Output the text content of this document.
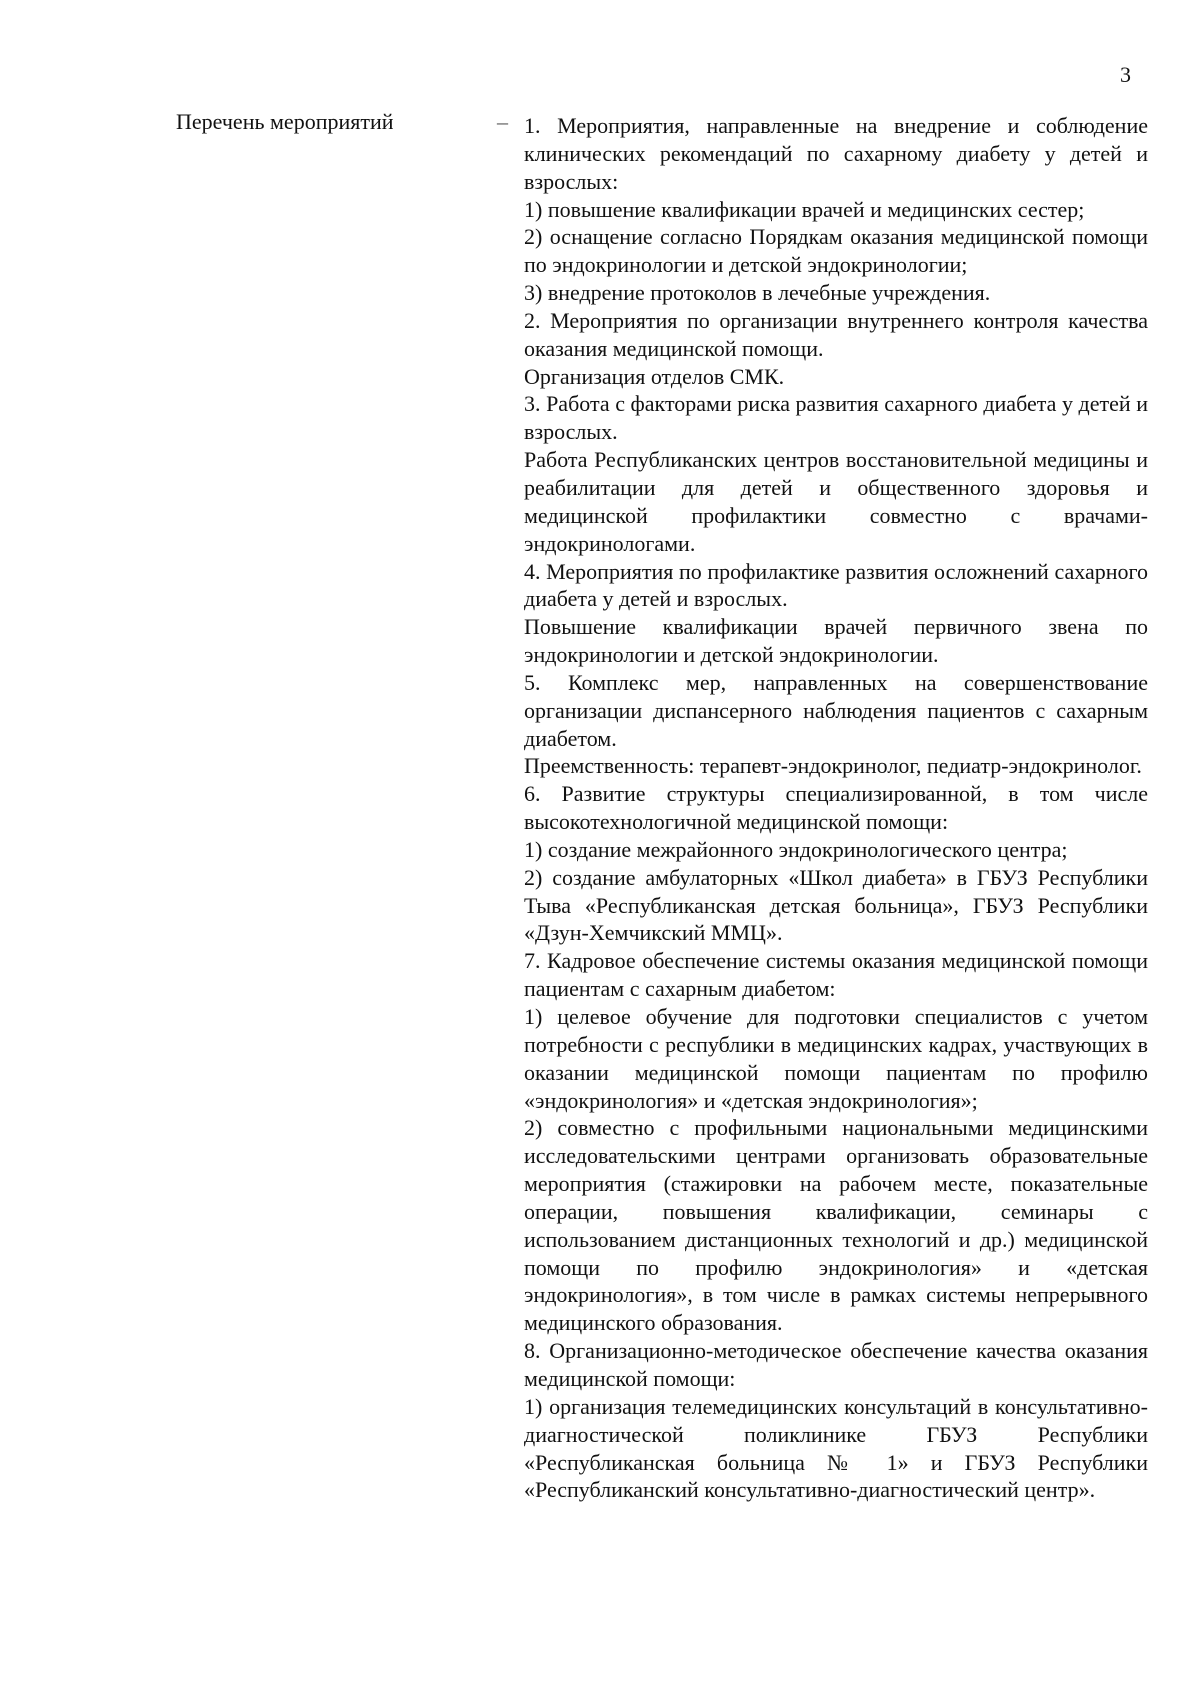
3
Перечень мероприятий	– 1. Мероприятия, направленные на внедрение и соблюдение клинических рекомендаций по сахарному диабету у детей и взрослых:

1) повышение квалификации врачей и медицинских сестер;

2) оснащение согласно Порядкам оказания медицинской помощи по эндокринологии и детской эндокринологии;

3) внедрение протоколов в лечебные учреждения.

2. Мероприятия по организации внутреннего контроля качества оказания медицинской помощи.

Организация отделов СМК.

3. Работа с факторами риска развития сахарного диабета у детей и взрослых.

Работа Республиканских центров восстановительной медицины и реабилитации для детей и общественного здоровья и медицинской профилактики совместно с врачами-эндокринологами.

4. Мероприятия по профилактике развития осложнений сахарного диабета у детей и взрослых.

Повышение квалификации врачей первичного звена по эндокринологии и детской эндокринологии.

5. Комплекс мер, направленных на совершенствование организации диспансерного наблюдения пациентов с сахарным диабетом.

Преемственность: терапевт-эндокринолог, педиатр-эндокринолог.

6. Развитие структуры специализированной, в том числе высокотехнологичной медицинской помощи:

1) создание межрайонного эндокринологического центра;

2) создание амбулаторных «Школ диабета» в ГБУЗ Республики Тыва «Республиканская детская больница», ГБУЗ Республики «Дзун-Хемчикский ММЦ».

7. Кадровое обеспечение системы оказания медицинской помощи пациентам с сахарным диабетом:

1) целевое обучение для подготовки специалистов с учетом потребности с республики в медицинских кадрах, участвующих в оказании медицинской помощи пациентам по профилю «эндокринология» и «детская эндокринология»;

2) совместно с профильными национальными медицинскими исследовательскими центрами организовать образовательные мероприятия (стажировки на рабочем месте, показательные операции, повышения квалификации, семинары с использованием дистанционных технологий и др.) медицинской помощи по профилю эндокринология» и «детская эндокринология», в том числе в рамках системы непрерывного медицинского образования.

8. Организационно-методическое обеспечение качества оказания медицинской помощи:

1) организация телемедицинских консультаций в консультативно-диагностической поликлинике ГБУЗ Республики «Республиканская больница № 1» и ГБУЗ Республики «Республиканский консультативно-диагностический центр».
